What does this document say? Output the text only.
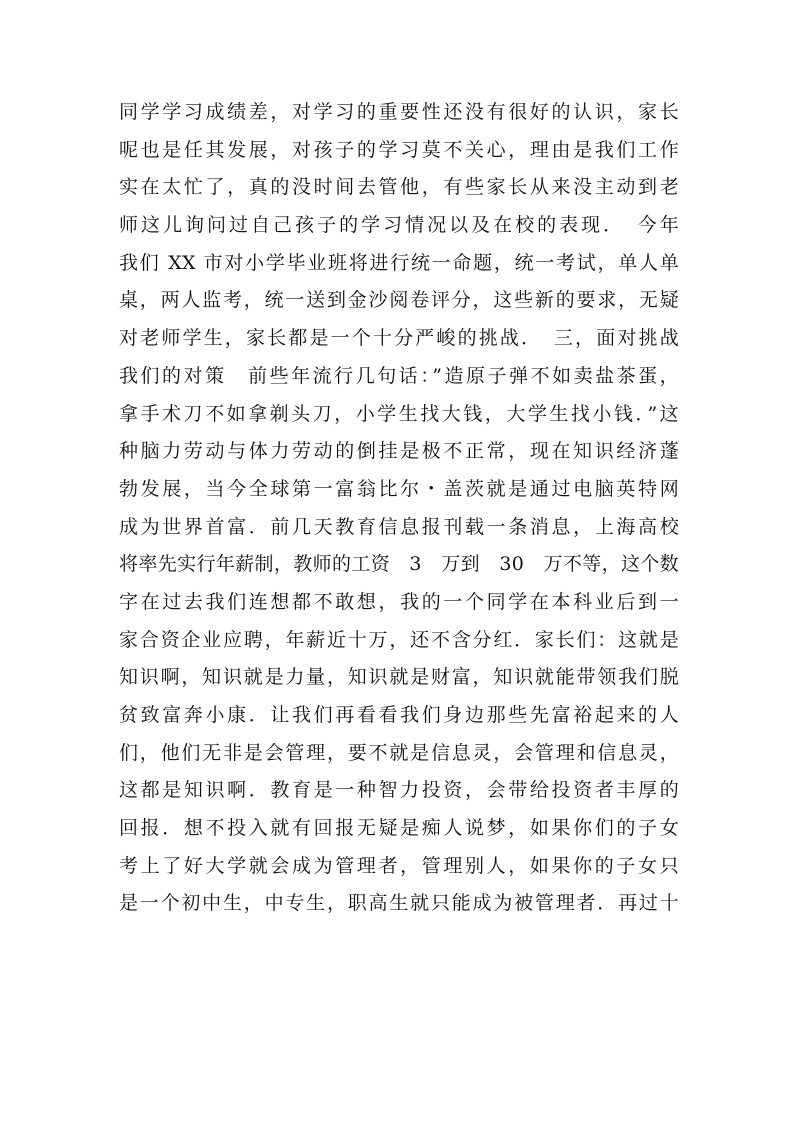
同学学习成绩差，对学习的重要性还没有很好的认识，家长
呢也是任其发展，对孩子的学习莫不关心，理由是我们工作
实在太忙了，真的没时间去管他，有些家长从来没主动到老
师这儿询问过自己孩子的学习情况以及在校的表现．　今年
我们 XX 市对小学毕业班将进行统一命题，统一考试，单人单
桌，两人监考，统一送到金沙阅卷评分，这些新的要求，无疑
对老师学生，家长都是一个十分严峻的挑战．　三，面对挑战
我们的对策　前些年流行几句话：”造原子弹不如卖盐茶蛋，
拿手术刀不如拿剃头刀，小学生找大钱，大学生找小钱．”这
种脑力劳动与体力劳动的倒挂是极不正常，现在知识经济蓬
勃发展，当今全球第一富翁比尔・盖茨就是通过电脑英特网
成为世界首富．前几天教育信息报刊载一条消息，上海高校
将率先实行年薪制，教师的工资　3　万到　30　万不等，这个数
字在过去我们连想都不敢想，我的一个同学在本科业后到一
家合资企业应聘，年薪近十万，还不含分红．家长们：这就是
知识啊，知识就是力量，知识就是财富，知识就能带领我们脱
贫致富奔小康．让我们再看看我们身边那些先富裕起来的人
们，他们无非是会管理，要不就是信息灵，会管理和信息灵，
这都是知识啊．教育是一种智力投资，会带给投资者丰厚的
回报．想不投入就有回报无疑是痴人说梦，如果你们的子女
考上了好大学就会成为管理者，管理别人，如果你的子女只
是一个初中生，中专生，职高生就只能成为被管理者．再过十
